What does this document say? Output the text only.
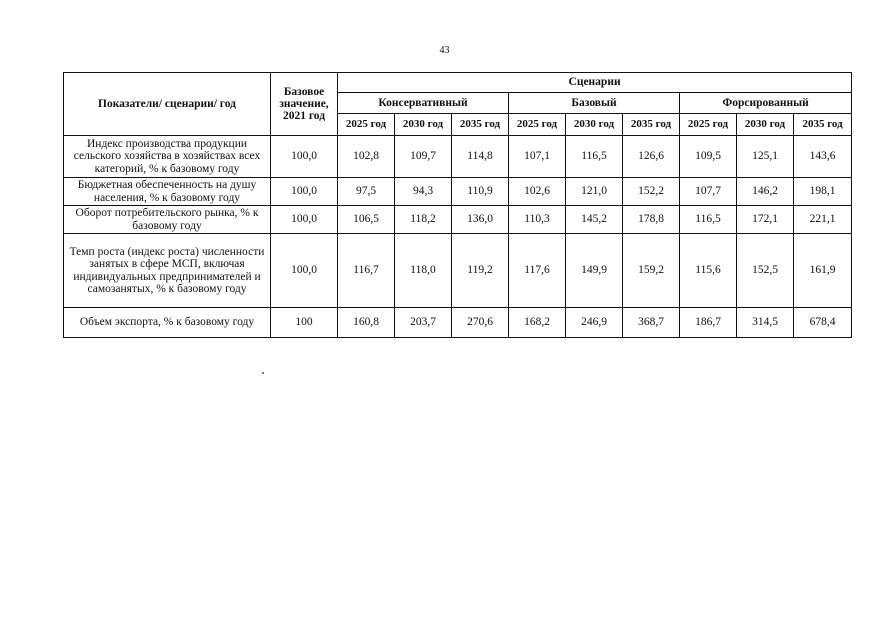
43
Показатели/ сценарии/ год	Базовое значение, 2021 год	Сценарии								
		Консервативный			Базовый			Форсированный		
		2025 год	2030 год	2035 год	2025 год	2030 год	2035 год	2025 год	2030 год	2035 год
Индекс производства продукции сельского хозяйства в хозяйствах всех категорий, % к базовому году	100,0	102,8	109,7	114,8	107,1	116,5	126,6	109,5	125,1	143,6
Бюджетная обеспеченность на душу населения, % к базовому году	100,0	97,5	94,3	110,9	102,6	121,0	152,2	107,7	146,2	198,1
Оборот потребительского рынка, % к базовому году	100,0	106,5	118,2	136,0	110,3	145,2	178,8	116,5	172,1	221,1
Темп роста (индекс роста) численности занятых в сфере МСП, включая индивидуальных предпринимателей и самозанятых, % к базовому году	100,0	116,7	118,0	119,2	117,6	149,9	159,2	115,6	152,5	161,9
Объем экспорта, % к базовому году	100	160,8	203,7	270,6	168,2	246,9	368,7	186,7	314,5	678,4
